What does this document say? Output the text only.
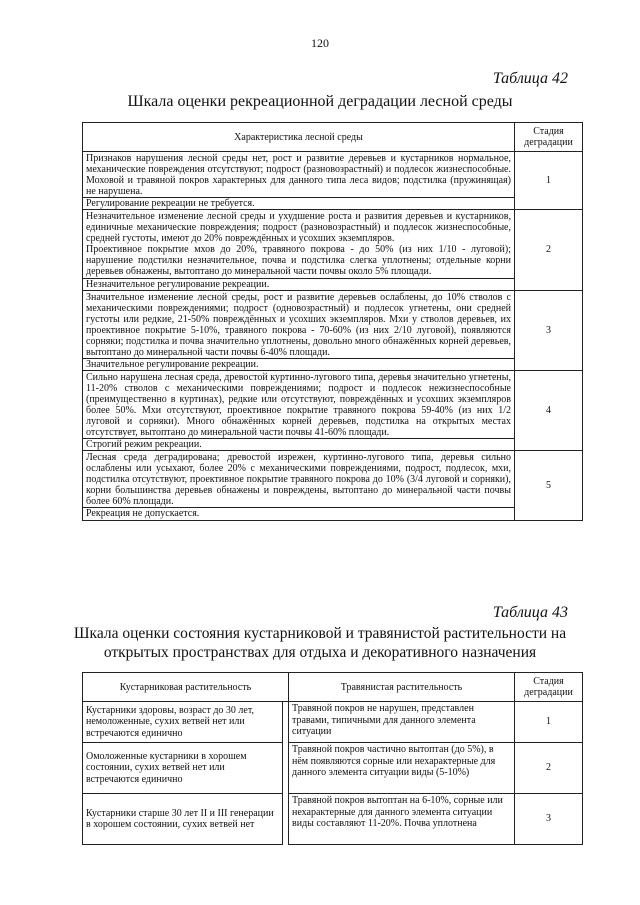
120
Таблица 42
Шкала оценки рекреационной деградации лесной среды
Характеристика лесной среды	Стадия деградации

Признаков нарушения лесной среды нет, рост и развитие деревьев и кустарников нормальное, механические повреждения отсутствуют; подрост (разновозрастный) и подлесок жизнеспособные. Моховой и травяной покров характерных для данного типа леса видов; подстилка (пружинящая) не нарушена.
Регулирование рекреации не требуется.	1

Незначительное изменение лесной среды и ухудшение роста и развития деревьев и кустарников, единичные механические повреждения; подрост (разновозрастный) и подлесок жизнеспособные, средней густоты, имеют до 20% повреждённых и усохших экземпляров.
Проективное покрытие мхов до 20%, травяного покрова - до 50% (из них 1/10 - луговой); нарушение подстилки незначительное, почва и подстилка слегка уплотнены; отдельные корни деревьев обнажены, вытоптано до минеральной части почвы около 5% площади.
Незначительное регулирование рекреации.	2

Значительное изменение лесной среды, рост и развитие деревьев ослаблены, до 10% стволов с механическими повреждениями; подрост (одновозрастный) и подлесок угнетены, они средней густоты или редкие, 21-50% повреждённых и усохших экземпляров. Мхи у стволов деревьев, их проективное покрытие 5-10%, травяного покрова - 70-60% (из них 2/10 луговой), появляются сорняки; подстилка и почва значительно уплотнены, довольно много обнажённых корней деревьев, вытоптано до минеральной части почвы 6-40% площади.
Значительное регулирование рекреации.	3

Сильно нарушена лесная среда, древостой куртинно-лугового типа, деревья значительно угнетены, 11-20% стволов с механическими повреждениями; подрост и подлесок нежизнеспособные (преимущественно в куртинах), редкие или отсутствуют, повреждённых и усохших экземпляров более 50%. Мхи отсутствуют, проективное покрытие травяного покрова 59-40% (из них 1/2 луговой и сорняки). Много обнажённых корней деревьев, подстилка на открытых местах отсутствует, вытоптано до минеральной части почвы 41-60% площади.
Строгий режим рекреации.	4

Лесная среда деградирована; древостой изрежен, куртинно-лугового типа, деревья сильно ослаблены или усыхают, более 20% с механическими повреждениями, подрост, подлесок, мхи, подстилка отсутствуют, проективное покрытие травяного покрова до 10% (3/4 луговой и сорняки), корни большинства деревьев обнажены и повреждены, вытоптано до минеральной части почвы более 60% площади.
Рекреация не допускается.	5
Таблица 43
Шкала оценки состояния кустарниковой и травянистой растительности на
открытых пространствах для отдыха и декоративного назначения
Кустарниковая растительность		Травянистая растительность	Стадия деградации
Кустарники здоровы, возраст до 30 лет, немоложенные, сухих ветвей нет или встречаются единично		Травяной покров не нарушен, представлен травами, типичными для данного элемента ситуации	1
Омоложенные кустарники в хорошем состоянии, сухих ветвей нет или встречаются единично		Травяной покров частично вытоптан (до 5%), в нём появляются сорные или нехарактерные для данного элемента ситуации виды (5-10%)	2
Кустарники старше 30 лет II и III генерации в хорошем состоянии, сухих ветвей нет		Травяной покров вытоптан на 6-10%, сорные или нехарактерные для данного элемента ситуации виды составляют 11-20%. Почва уплотнена	3
